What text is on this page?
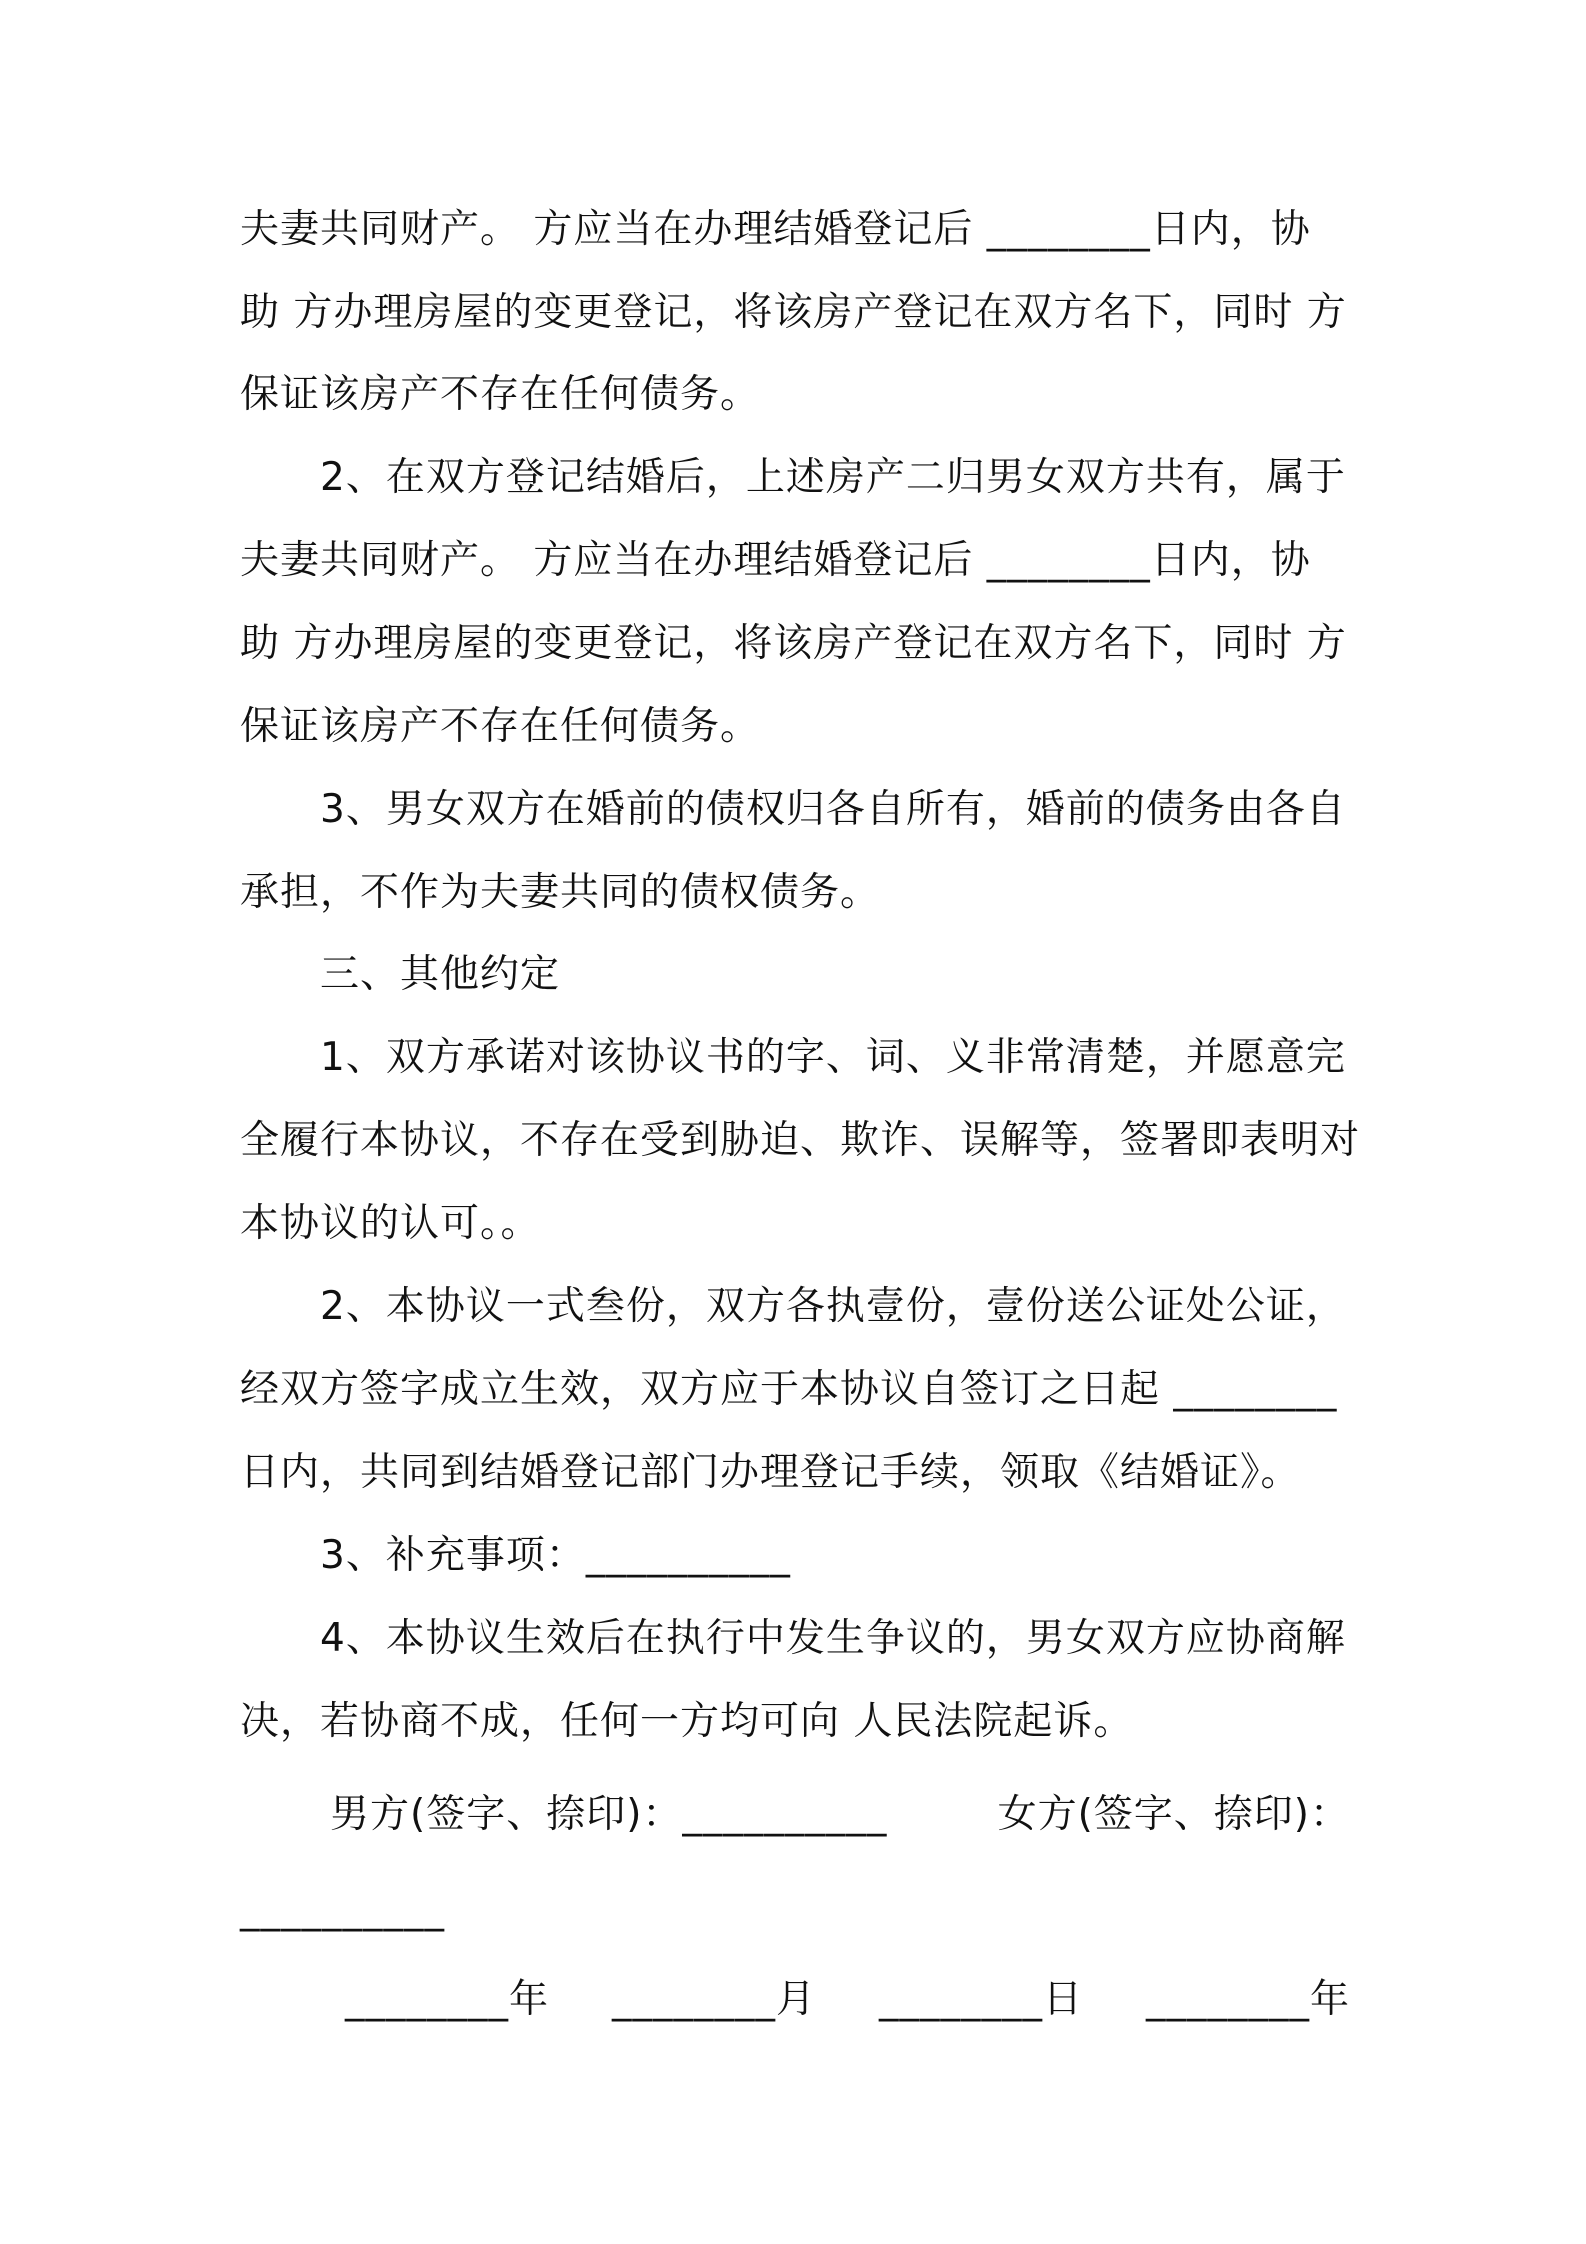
夫妻共同财产。 方应当在办理结婚登记后 ________日内，协
助 方办理房屋的变更登记，将该房产登记在双方名下，同时 方
保证该房产不存在任何债务。
2、在双方登记结婚后，上述房产二归男女双方共有，属于
夫妻共同财产。 方应当在办理结婚登记后 ________日内，协
助 方办理房屋的变更登记，将该房产登记在双方名下，同时 方
保证该房产不存在任何债务。
3、男女双方在婚前的债权归各自所有，婚前的债务由各自
承担，不作为夫妻共同的债权债务。
三、其他约定
1、双方承诺对该协议书的字、词、义非常清楚，并愿意完
全履行本协议，不存在受到胁迫、欺诈、误解等，签署即表明对
本协议的认可。。
2、本协议一式叁份，双方各执壹份，壹份送公证处公证，
经双方签字成立生效，双方应于本协议自签订之日起 ________
日内，共同到结婚登记部门办理登记手续，领取《结婚证》。
3、补充事项：__________
4、本协议生效后在执行中发生争议的，男女双方应协商解
决，若协商不成，任何一方均可向 人民法院起诉。
男方(签字、捺印)：__________	女方(签字、捺印)：
__________
________年 ________月 ________日 ________年
